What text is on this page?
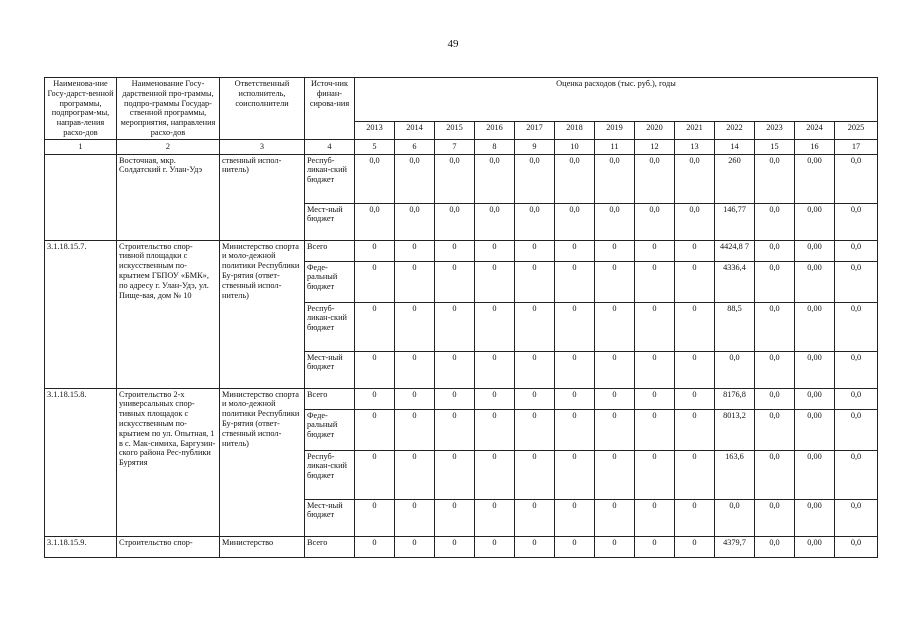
49
Наименова-ние Госу-дарст-венной программы, подпрограм-мы, направ-ления расхо-дов	Наименование Госу-дарственной про-граммы, подпро-граммы Государ-ственной программы, мероприятия, направления расхо-дов	Ответственный исполнитель, соисполнители	Источ-ник финан-сирова-ния	Оценка расходов (тыс. руб.), годы												
				2013	2014	2015	2016	2017	2018	2019	2020	2021	2022	2023	2024	2025
1	2	3	4	5	6	7	8	9	10	11	12	13	14	15	16	17
	Восточная, мкр. Солдатский г. Улан-Удэ	ственный испол-нитель)	Респуб-ликан-ский бюджет	0,0	0,0	0,0	0,0	0,0	0,0	0,0	0,0	0,0	260	0,0	0,00	0,0
			Мест-ный бюджет	0,0	0,0	0,0	0,0	0,0	0,0	0,0	0,0	0,0	146,77	0,0	0,00	0,0
3.1.18.15.7.	Строительство спор-тивной площадки с искусственным по-крытием ГБПОУ «БМК», по адресу г. Улан-Удэ, ул. Пище-вая, дом № 10	Министерство спорта и моло-дежной политики Республики Бу-рятия (ответ-ственный испол-нитель)	Всего	0	0	0	0	0	0	0	0	0	4424,8 7	0,0	0,00	0,0
			Феде-ральный бюджет	0	0	0	0	0	0	0	0	0	4336,4	0,0	0,00	0,0
			Респуб-ликан-ский бюджет	0	0	0	0	0	0	0	0	0	88,5	0,0	0,00	0,0
			Мест-ный бюджет	0	0	0	0	0	0	0	0	0	0,0	0,0	0,00	0,0
3.1.18.15.8.	Строительство 2-х универсальных спор-тивных площадок с искусственным по-крытием по ул. Опытная, 1 в с. Мак-симиха, Баргузин-ского района Рес-публики Бурятия	Министерство спорта и моло-дежной политики Республики Бу-рятия (ответ-ственный испол-нитель)	Всего	0	0	0	0	0	0	0	0	0	8176,8	0,0	0,00	0,0
			Феде-ральный бюджет	0	0	0	0	0	0	0	0	0	8013,2	0,0	0,00	0,0
			Респуб-ликан-ский бюджет	0	0	0	0	0	0	0	0	0	163,6	0,0	0,00	0,0
			Мест-ный бюджет	0	0	0	0	0	0	0	0	0	0,0	0,0	0,00	0,0
3.1.18.15.9.	Строительство спор-	Министерство	Всего	0	0	0	0	0	0	0	0	0	4379,7	0,0	0,00	0,0
